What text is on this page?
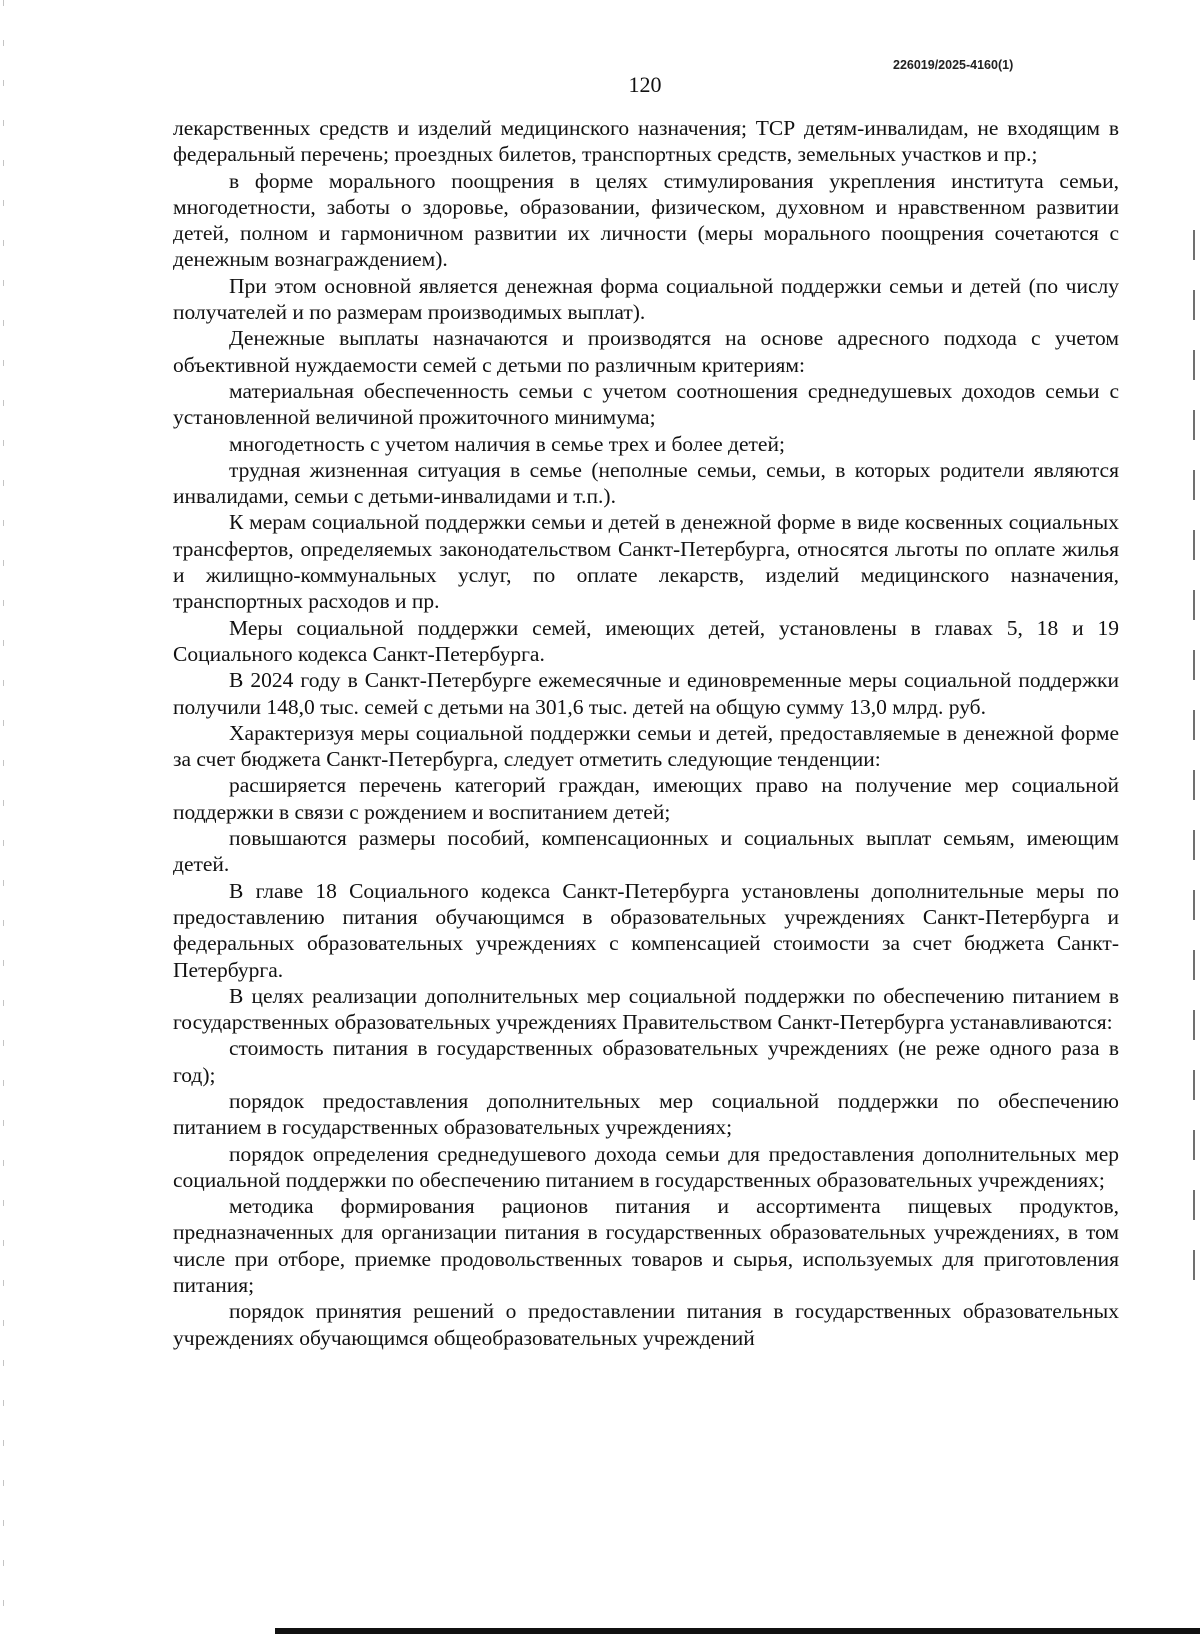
226019/2025-4160(1)
120

лекарственных средств и изделий медицинского назначения; ТСР детям-инвалидам, не входящим в федеральный перечень; проездных билетов, транспортных средств, земельных участков и пр.;

в форме морального поощрения в целях стимулирования укрепления института семьи, многодетности, заботы о здоровье, образовании, физическом, духовном и нравственном развитии детей, полном и гармоничном развитии их личности (меры морального поощрения сочетаются с денежным вознаграждением).

При этом основной является денежная форма социальной поддержки семьи и детей (по числу получателей и по размерам производимых выплат).

Денежные выплаты назначаются и производятся на основе адресного подхода с учетом объективной нуждаемости семей с детьми по различным критериям:

материальная обеспеченность семьи с учетом соотношения среднедушевых доходов семьи с установленной величиной прожиточного минимума;

многодетность с учетом наличия в семье трех и более детей;

трудная жизненная ситуация в семье (неполные семьи, семьи, в которых родители являются инвалидами, семьи с детьми-инвалидами и т.п.).

К мерам социальной поддержки семьи и детей в денежной форме в виде косвенных социальных трансфертов, определяемых законодательством Санкт-Петербурга, относятся льготы по оплате жилья и жилищно-коммунальных услуг, по оплате лекарств, изделий медицинского назначения, транспортных расходов и пр.

Меры социальной поддержки семей, имеющих детей, установлены в главах 5, 18 и 19 Социального кодекса Санкт-Петербурга.

В 2024 году в Санкт-Петербурге ежемесячные и единовременные меры социальной поддержки получили 148,0 тыс. семей с детьми на 301,6 тыс. детей на общую сумму 13,0 млрд. руб.

Характеризуя меры социальной поддержки семьи и детей, предоставляемые в денежной форме за счет бюджета Санкт-Петербурга, следует отметить следующие тенденции:

расширяется перечень категорий граждан, имеющих право на получение мер социальной поддержки в связи с рождением и воспитанием детей;

повышаются размеры пособий, компенсационных и социальных выплат семьям, имеющим детей.

В главе 18 Социального кодекса Санкт-Петербурга установлены дополнительные меры по предоставлению питания обучающимся в образовательных учреждениях Санкт-Петербурга и федеральных образовательных учреждениях с компенсацией стоимости за счет бюджета Санкт-Петербурга.

В целях реализации дополнительных мер социальной поддержки по обеспечению питанием в государственных образовательных учреждениях Правительством Санкт-Петербурга устанавливаются:

стоимость питания в государственных образовательных учреждениях (не реже одного раза в год);

порядок предоставления дополнительных мер социальной поддержки по обеспечению питанием в государственных образовательных учреждениях;

порядок определения среднедушевого дохода семьи для предоставления дополнительных мер социальной поддержки по обеспечению питанием в государственных образовательных учреждениях;

методика формирования рационов питания и ассортимента пищевых продуктов, предназначенных для организации питания в государственных образовательных учреждениях, в том числе при отборе, приемке продовольственных товаров и сырья, используемых для приготовления питания;

порядок принятия решений о предоставлении питания в государственных образовательных учреждениях обучающимся общеобразовательных учреждений
